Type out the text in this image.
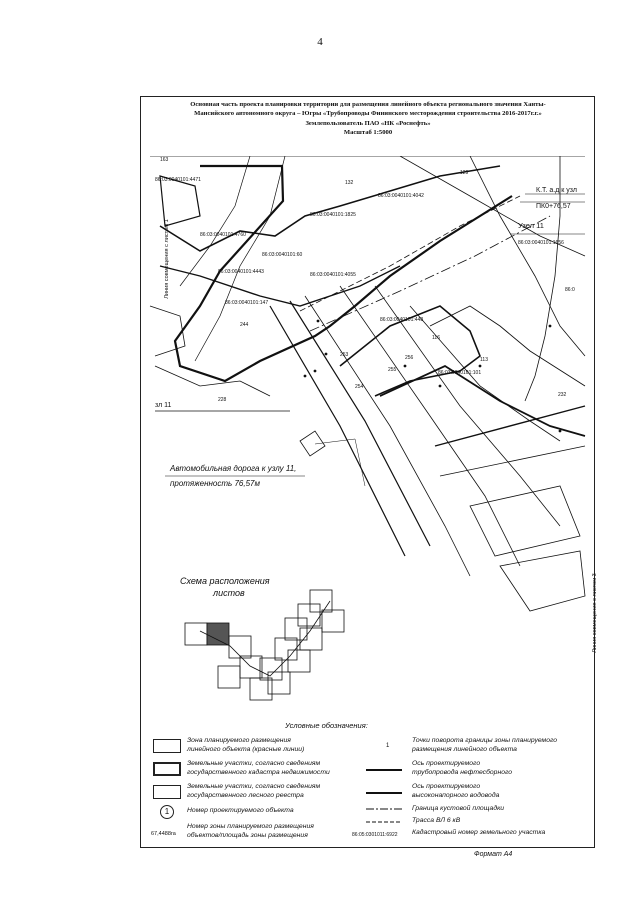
4
Основная часть проекта планировки территории для размещения линейного объекта регионального значения Ханты-
Мансийского автономного округа – Югры «Трубопроводы Фининского месторождения строительства 2016-2017г.г.»
Землепользователь ПАО «НК «Роснефть»
Масштаб 1:5000
86:03:0040101:4042
86:03:0040101:1825
86:03:0040101:4760
86:03:0040101:60
86:03:0040101:4443
86:03:0040101:147
86:03:0040101:4055
86:03:0040101:1656
86:03:0040101:4471
86:03:0040101:448
86:03:0040101:101
86:0
163
132
129
244
228
253
254
255
256
116
113
232
К.Т. а.д к узл
ПК0+76,57
Узел 11
зл 11
Автомобильная дорога к узлу 11,
протяженность 76,57м
Схема расположения
листов
Линия совмещения с листом 1
Линия совмещения с листом 3
Условные обозначения:
Зона планируемого размещения
линейного объекта (красные линии)
Земельные участки, согласно сведениям
государственного кадастра недвижимости
Земельные участки, согласно сведениям
государственного лесного реестра
1	Номер проектируемого объекта
67,4488га
Номер зоны планируемого размещения
объектов/площадь зоны размещения
1
Точки поворота границы зоны планируемого
размещения линейного объекта
Ось проектируемого
трубопровода нефтесборного
Ось проектируемого
высоконапорного водовода
Граница кустовой площадки
Трасса ВЛ 6 кВ
86:05:0301011:6922 Кадастровый номер земельного участка
Формат А4
